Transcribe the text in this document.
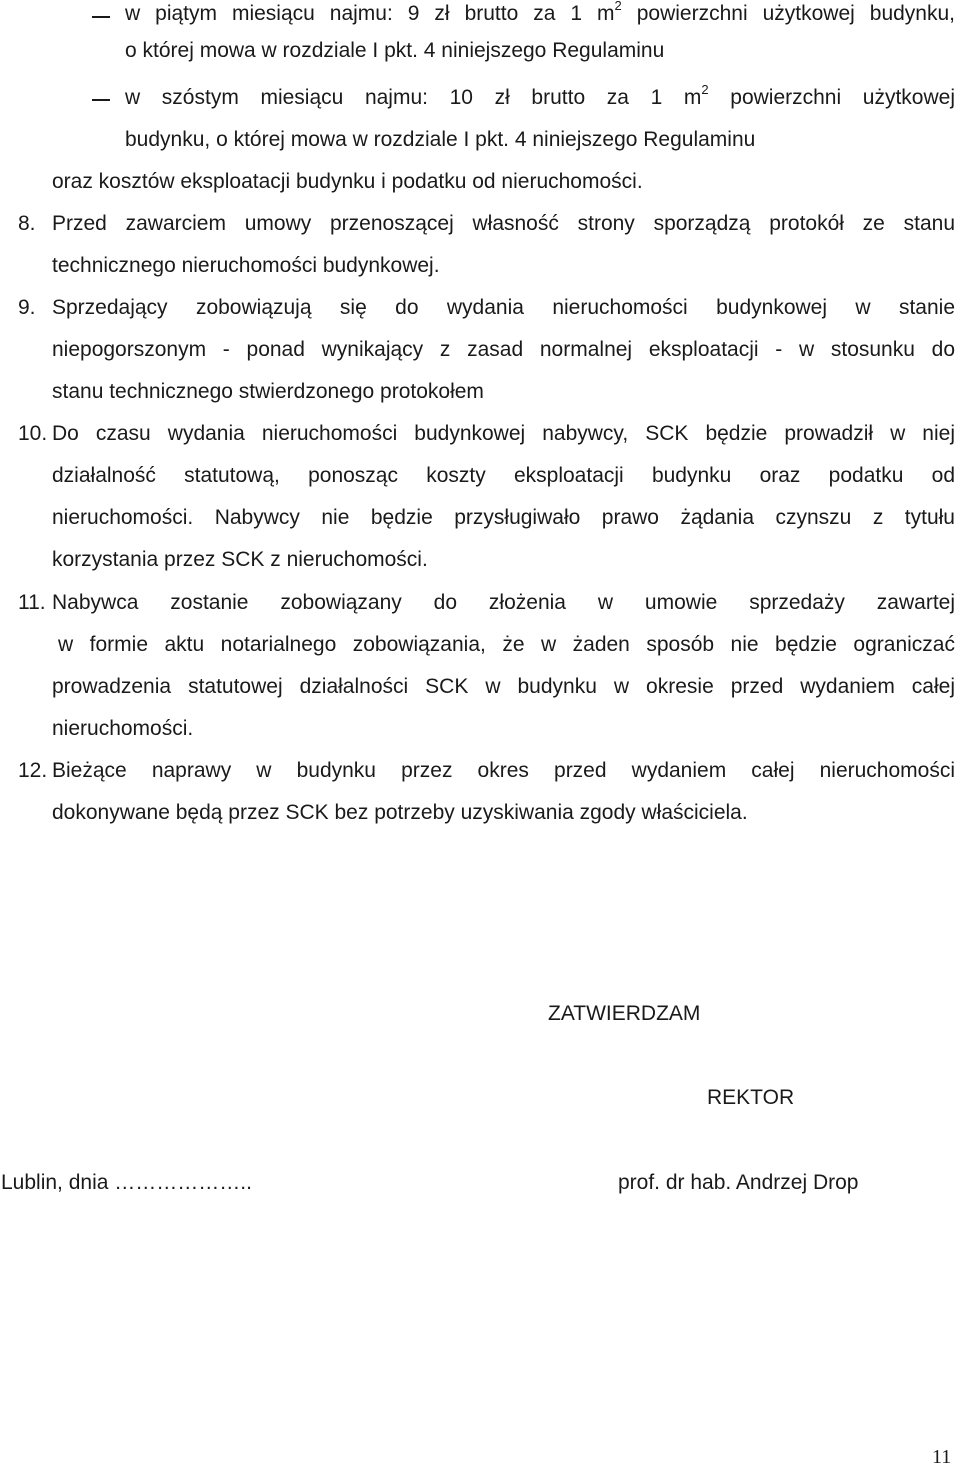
w piątym miesiącu najmu: 9 zł brutto za 1 $m^2$ powierzchni użytkowej budynku,
o której mowa w rozdziale I pkt. 4 niniejszego Regulaminu
w szóstym miesiącu najmu: 10 zł brutto za 1 $m^2$ powierzchni użytkowej
budynku, o której mowa w rozdziale I pkt. 4 niniejszego Regulaminu
oraz kosztów eksploatacji budynku i podatku od nieruchomości.
8. Przed zawarciem umowy przenoszącej własność strony sporządzą protokół ze stanu
technicznego nieruchomości budynkowej.
9. Sprzedający zobowiązują się do wydania nieruchomości budynkowej w stanie
niepogorszonym - ponad wynikający z zasad normalnej eksploatacji - w stosunku do
stanu technicznego stwierdzonego protokołem
10. Do czasu wydania nieruchomości budynkowej nabywcy, SCK będzie prowadził w niej
działalność statutową, ponosząc koszty eksploatacji budynku oraz podatku od
nieruchomości. Nabywcy nie będzie przysługiwało prawo żądania czynszu z tytułu
korzystania przez SCK z nieruchomości.
11. Nabywca zostanie zobowiązany do złożenia w umowie sprzedaży zawartej
w formie aktu notarialnego zobowiązania, że w żaden sposób nie będzie ograniczać
prowadzenia statutowej działalności SCK w budynku w okresie przed wydaniem całej
nieruchomości.
12. Bieżące naprawy w budynku przez okres przed wydaniem całej nieruchomości
dokonywane będą przez SCK bez potrzeby uzyskiwania zgody właściciela.
ZATWIERDZAM
REKTOR
Lublin, dnia ………………..	prof. dr hab. Andrzej Drop
11
